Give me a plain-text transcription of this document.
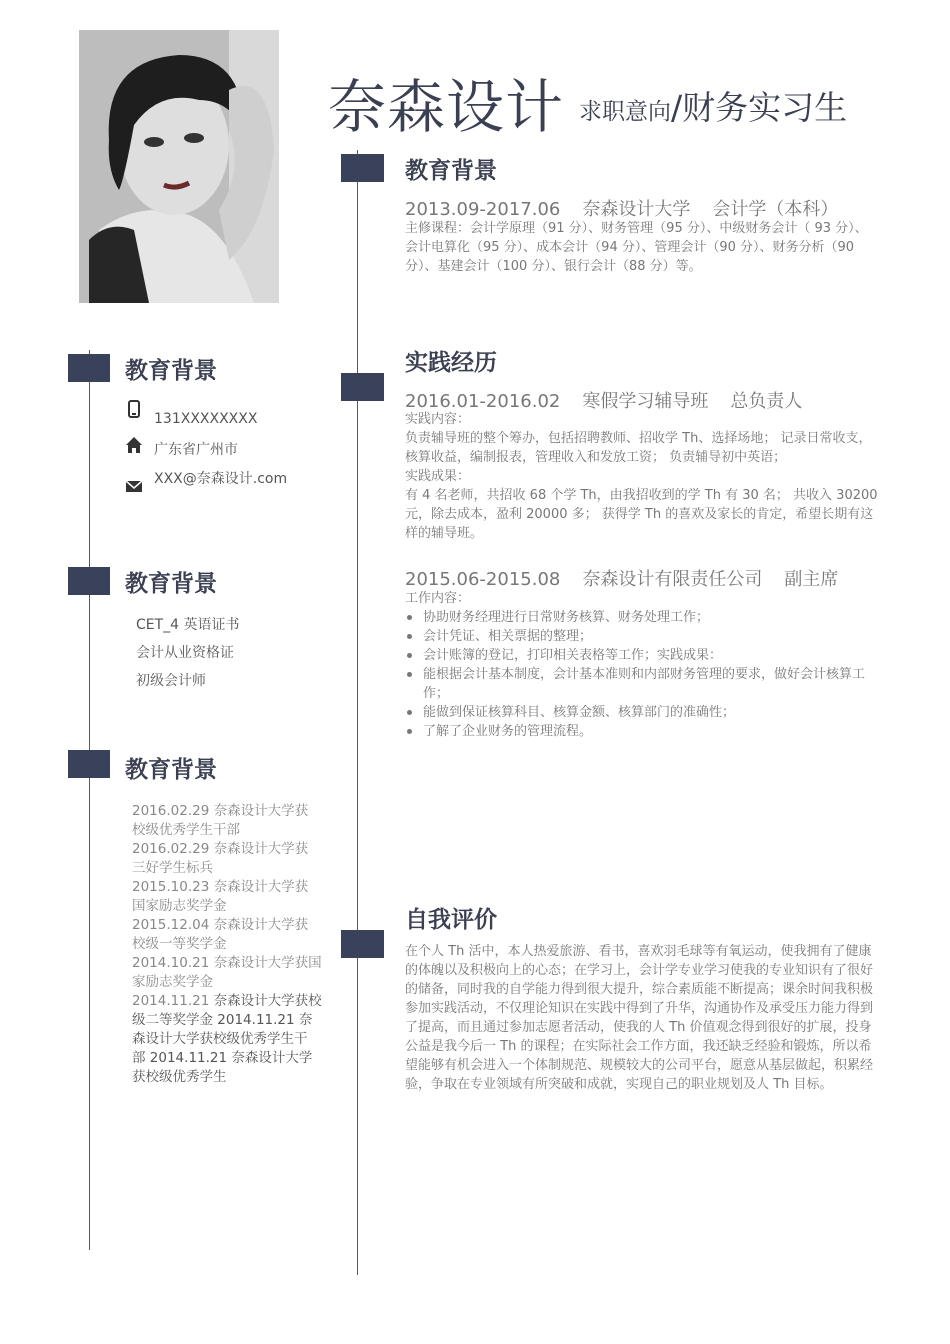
奈森设计 求职意向/财务实习生
教育背景
131XXXXXXXX
广东省广州市
XXX@奈森设计.com
教育背景
CET_4 英语证书
会计从业资格证
初级会计师
教育背景
2016.02.29 奈森设计大学获
校级优秀学生干部
2016.02.29 奈森设计大学获
三好学生标兵
2015.10.23 奈森设计大学获
国家励志奖学金
2015.12.04 奈森设计大学获
校级一等奖学金
2014.10.21 奈森设计大学获国
家励志奖学金
2014.11.21 奈森设计大学获校
级二等奖学金 2014.11.21 奈
森设计大学获校级优秀学生干
部 2014.11.21 奈森设计大学
获校级优秀学生
教育背景
2013.09-2017.06 奈森设计大学 会计学（本科）
主修课程：会计学原理（91 分）、财务管理（95 分）、中级财务会计（ 93 分）、会计电算化（95 分）、成本会计（94 分）、管理会计（90 分）、财务分析（90 分）、基建会计（100 分）、银行会计（88 分）等。
实践经历
2016.01-2016.02 寒假学习辅导班 总负责人

实践内容：

负责辅导班的整个筹办，包括招聘教师、招收学 Th、选择场地； 记录日常收支，核算收益，编制报表，管理收入和发放工资； 负责辅导初中英语；

实践成果：

有 4 名老师，共招收 68 个学 Th，由我招收到的学 Th 有 30 名； 共收入 30200 元，除去成本，盈利 20000 多； 获得学 Th 的喜欢及家长的肯定，希望长期有这样的辅导班。

2015.06-2015.08 奈森设计有限责任公司 副主席
工作内容：
协助财务经理进行日常财务核算、财务处理工作；
会计凭证、相关票据的整理；
会计账簿的登记，打印相关表格等工作；实践成果：
能根据会计基本制度，会计基本准则和内部财务管理的要求，做好会计核算工作；
能做到保证核算科目、核算金额、核算部门的准确性；
了解了企业财务的管理流程。
自我评价
在个人 Th 活中，本人热爱旅游、看书，喜欢羽毛球等有氧运动，使我拥有了健康的体魄以及积极向上的心态；在学习上，会计学专业学习使我的专业知识有了很好的储备，同时我的自学能力得到很大提升，综合素质能不断提高；课余时间我积极参加实践活动，不仅理论知识在实践中得到了升华，沟通协作及承受压力能力得到了提高，而且通过参加志愿者活动，使我的人 Th 价值观念得到很好的扩展，投身公益是我今后一 Th 的课程；在实际社会工作方面，我还缺乏经验和锻炼，所以希望能够有机会进入一个体制规范、规模较大的公司平台，愿意从基层做起，积累经验，争取在专业领域有所突破和成就，实现自己的职业规划及人 Th 目标。
